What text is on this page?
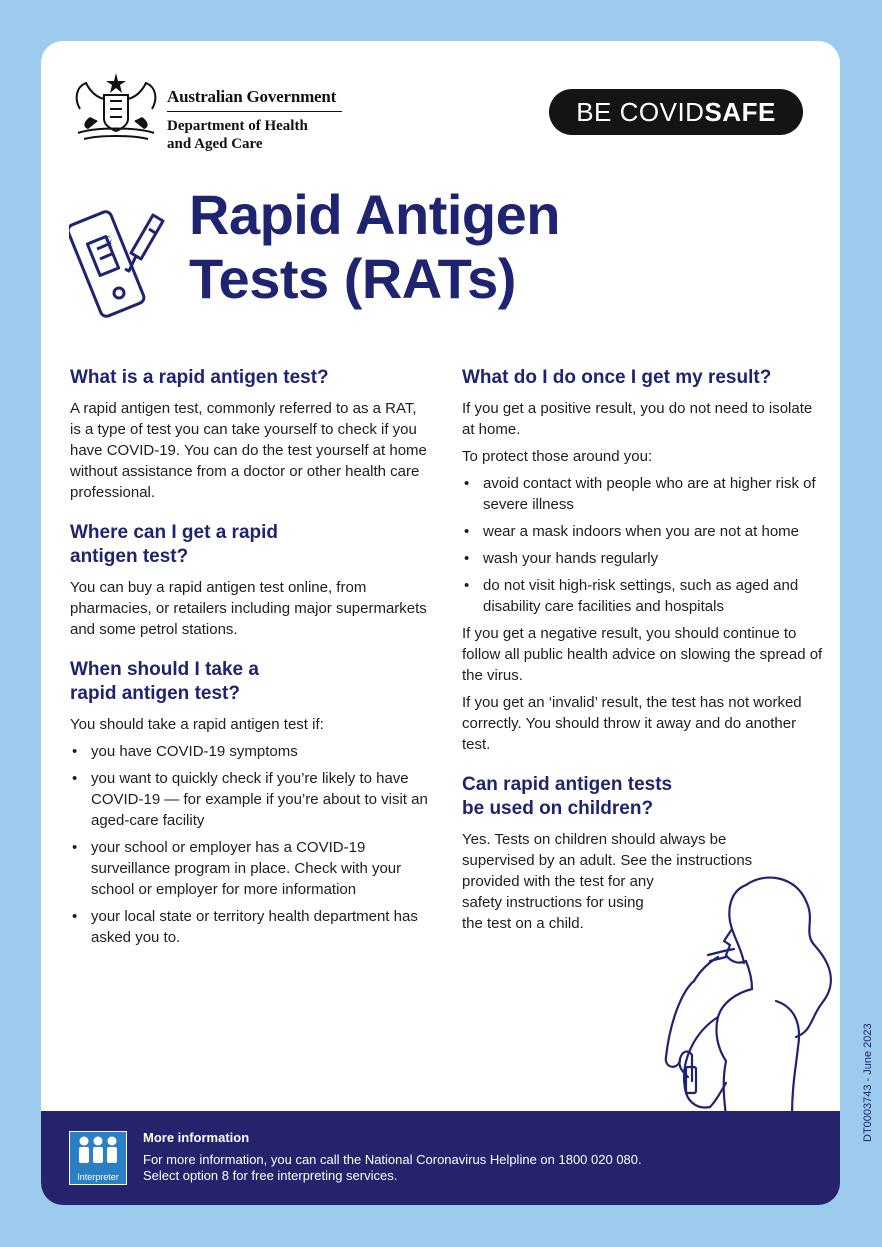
Australian Government
Department of Health
and Aged Care
BE COVIDSAFE
C
T
Rapid Antigen
Tests (RATs)
What is a rapid antigen test?

A rapid antigen test, commonly referred to as a RAT, is a type of test you can take yourself to check if you have COVID-19. You can do the test yourself at home without assistance from a doctor or other health care professional.

Where can I get a rapid
antigen test?

You can buy a rapid antigen test online, from pharmacies, or retailers including major supermarkets and some petrol stations.

When should I take a
rapid antigen test?

You should take a rapid antigen test if:

• you have COVID-19 symptoms
• you want to quickly check if you’re likely to have COVID-19 — for example if you’re about to visit an aged-care facility
• your school or employer has a COVID-19 surveillance program in place. Check with your school or employer for more information
• your local state or territory health department has asked you to.
What do I do once I get my result?

If you get a positive result, you do not need to isolate at home.

To protect those around you:

• avoid contact with people who are at higher risk of severe illness
• wear a mask indoors when you are not at home
• wash your hands regularly
• do not visit high-risk settings, such as aged and disability care facilities and hospitals

If you get a negative result, you should continue to follow all public health advice on slowing the spread of the virus.

If you get an ‘invalid’ result, the test has not worked correctly. You should throw it away and do another test.

Can rapid antigen tests
be used on children?

Yes. Tests on children should always be
supervised by an adult. See the instructions
provided with the test for any
safety instructions for using
the test on a child.

Interpreter
More information
For more information, you can call the National Coronavirus Helpline on 1800 020 080.
Select option 8 for free interpreting services.
DT0003743 - June 2023
